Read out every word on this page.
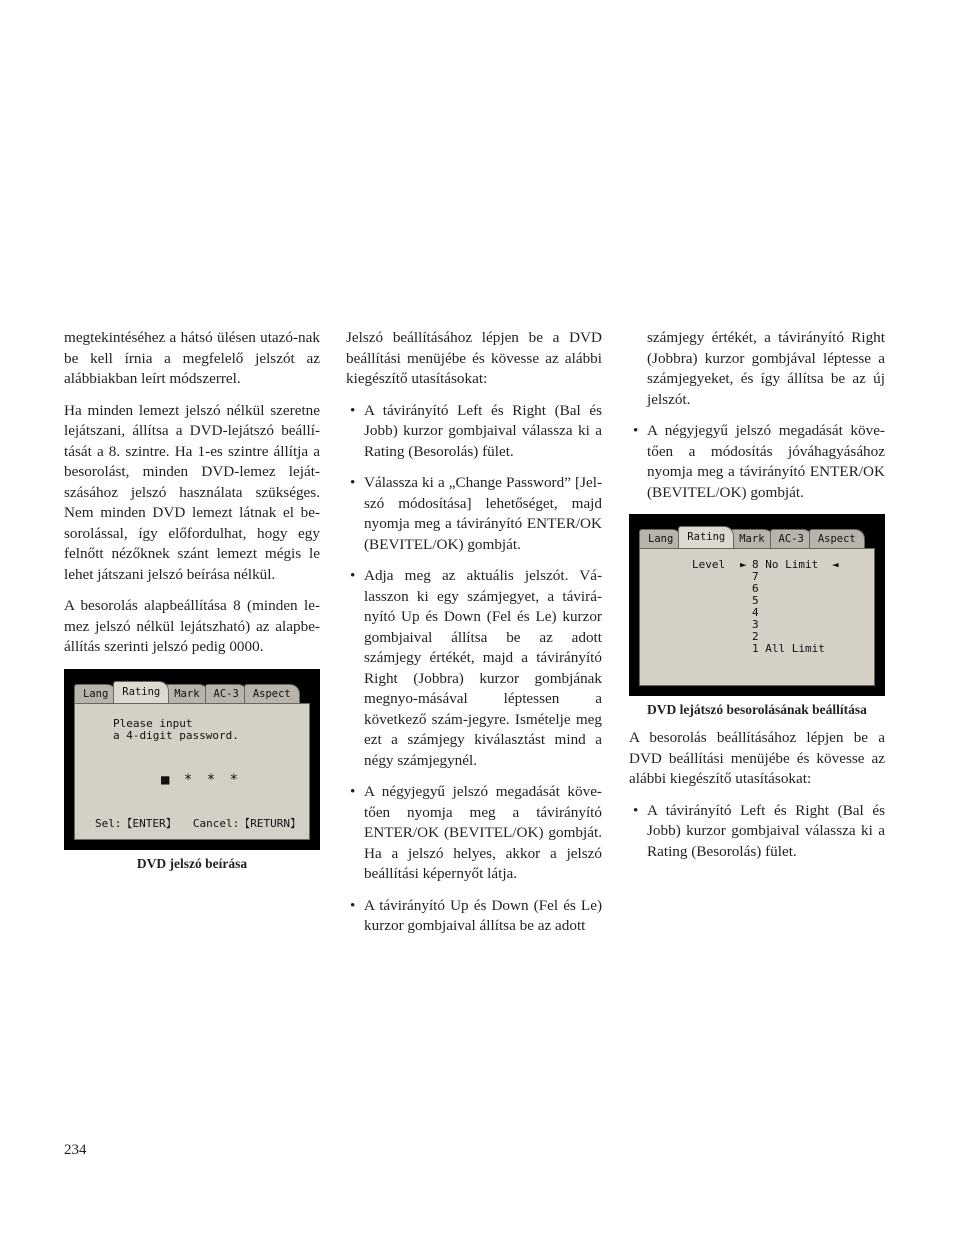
megtekintéséhez a hátsó ülésen utazó-nak be kell írnia a megfelelő jelszót az alábbiakban leírt módszerrel.

Ha minden lemezt jelszó nélkül szeretne lejátszani, állítsa a DVD-lejátszó beállí-tását a 8. szintre. Ha 1-es szintre állítja a besorolást, minden DVD-lemez leját-szásához jelszó használata szükséges. Nem minden DVD lemezt látnak el be-sorolással, így előfordulhat, hogy egy felnőtt nézőknek szánt lemezt mégis le lehet játszani jelszó beírása nélkül.

A besorolás alapbeállítása 8 (minden le-mez jelszó nélkül lejátszható) az alapbe-állítás szerinti jelszó pedig 0000.

Lang	Rating	Mark	AC-3	Aspect
Please input
a 4-digit password.
■ * * *
Sel:【ENTER】 Cancel:【RETURN】
DVD jelszó beírása

Jelszó beállításához lépjen be a DVD beállítási menüjébe és kövesse az alábbi kiegészítő utasításokat:

• A távirányító Left és Right (Bal és Jobb) kurzor gombjaival válassza ki a Rating (Besorolás) fület.
• Válassza ki a „Change Password” [Jel-szó módosítása] lehetőséget, majd nyomja meg a távirányító ENTER/OK (BEVITEL/OK) gombját.
• Adja meg az aktuális jelszót. Vá-lasszon ki egy számjegyet, a távirá-nyító Up és Down (Fel és Le) kurzor gombjaival állítsa be az adott számjegy értékét, majd a távirányító Right (Jobbra) kurzor gombjának megnyo-másával léptessen a következő szám-jegyre. Ismételje meg ezt a számjegy kiválasztást mind a négy számjegynél.
• A négyjegyű jelszó megadását köve-tően nyomja meg a távirányító ENTER/OK (BEVITEL/OK) gombját. Ha a jelszó helyes, akkor a jelszó beállítási képernyőt látja.
• A távirányító Up és Down (Fel és Le) kurzor gombjaival állítsa be az adott

számjegy értékét, a távirányító Right (Jobbra) kurzor gombjával léptesse a számjegyeket, és így állítsa be az új jelszót.

• A négyjegyű jelszó megadását köve-tően a módosítás jóváhagyásához nyomja meg a távirányító ENTER/OK (BEVITEL/OK) gombját.
Lang	Rating	Mark	AC-3	Aspect
Level ► 8 No Limit ◄
7
6
5
4
3
2
1 All Limit
DVD lejátszó besorolásának beállítása

A besorolás beállításához lépjen be a DVD beállítási menüjébe és kövesse az alábbi kiegészítő utasításokat:

• A távirányító Left és Right (Bal és Jobb) kurzor gombjaival válassza ki a Rating (Besorolás) fület.
234
